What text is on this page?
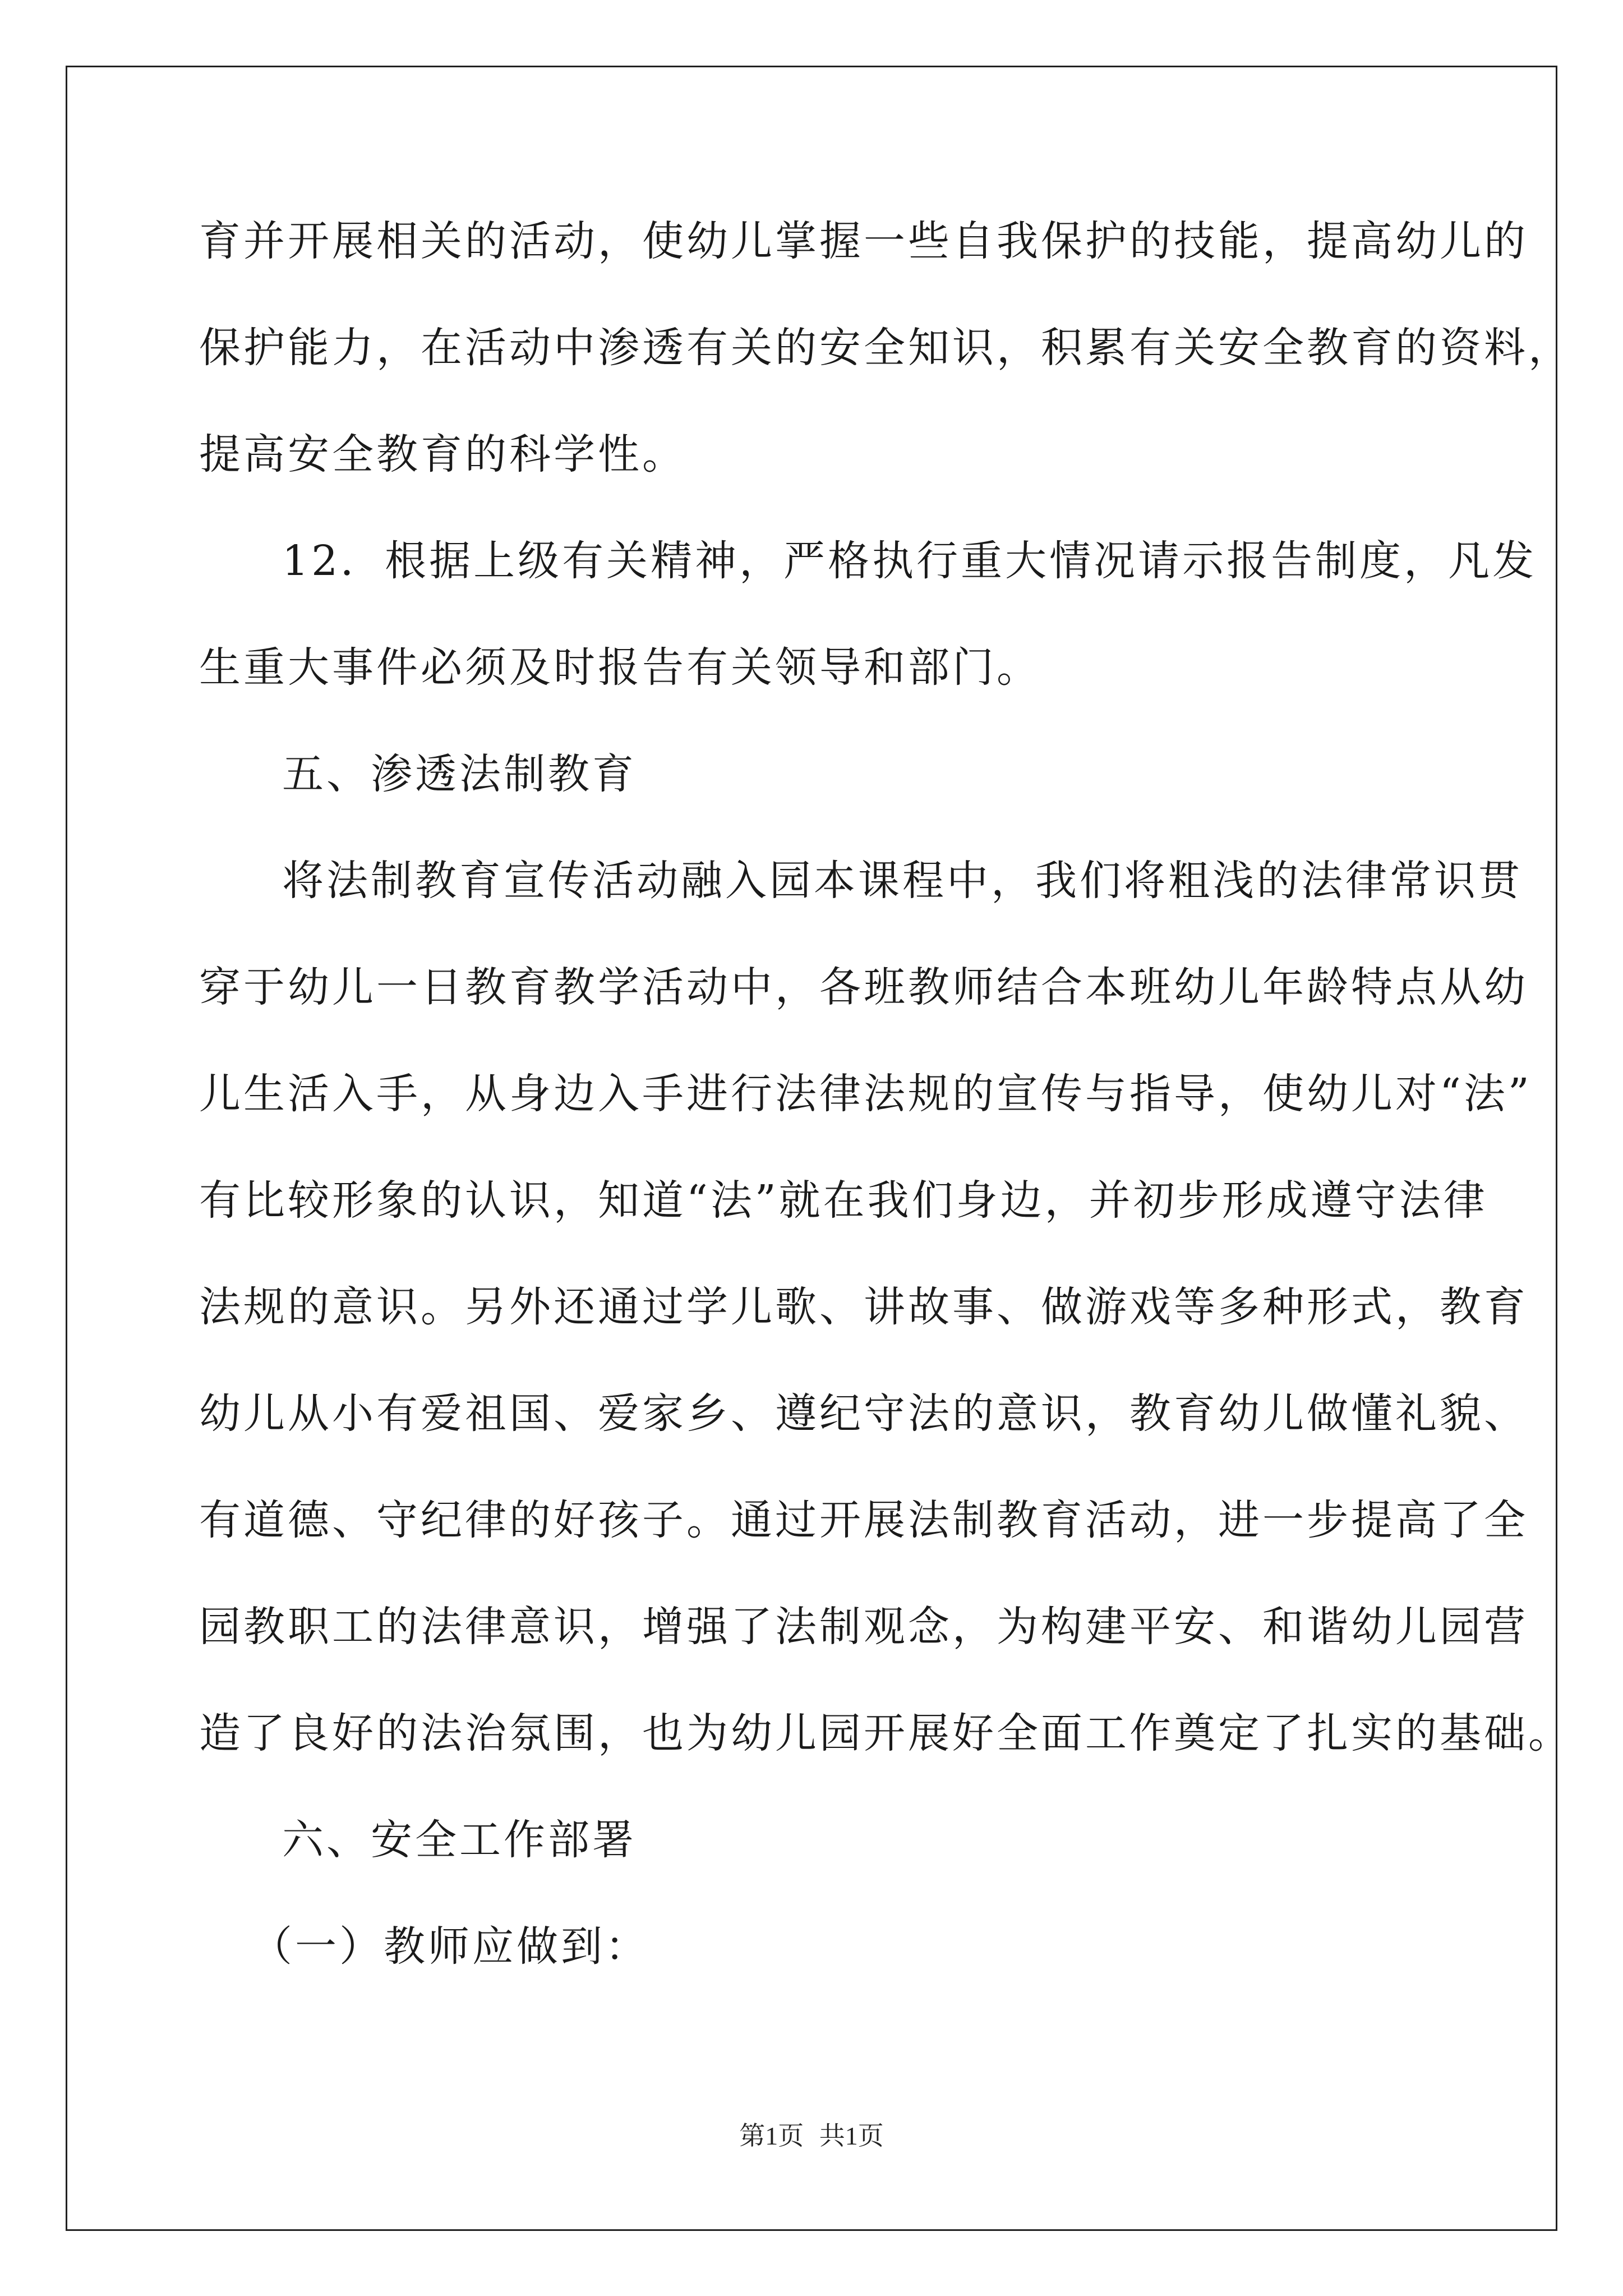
育并开展相关的活动，使幼儿掌握一些自我保护的技能，提高幼儿的
保护能力，在活动中渗透有关的安全知识，积累有关安全教育的资料，
提高安全教育的科学性。
12．根据上级有关精神，严格执行重大情况请示报告制度，凡发
生重大事件必须及时报告有关领导和部门。
五、渗透法制教育
将法制教育宣传活动融入园本课程中，我们将粗浅的法律常识贯
穿于幼儿一日教育教学活动中，各班教师结合本班幼儿年龄特点从幼
儿生活入手，从身边入手进行法律法规的宣传与指导，使幼儿对“法”
有比较形象的认识，知道“法”就在我们身边，并初步形成遵守法律
法规的意识。另外还通过学儿歌、讲故事、做游戏等多种形式，教育
幼儿从小有爱祖国、爱家乡、遵纪守法的意识，教育幼儿做懂礼貌、
有道德、守纪律的好孩子。通过开展法制教育活动，进一步提高了全
园教职工的法律意识，增强了法制观念，为构建平安、和谐幼儿园营
造了良好的法治氛围，也为幼儿园开展好全面工作奠定了扎实的基础。
六、安全工作部署
（一）教师应做到：
第1页 共1页
